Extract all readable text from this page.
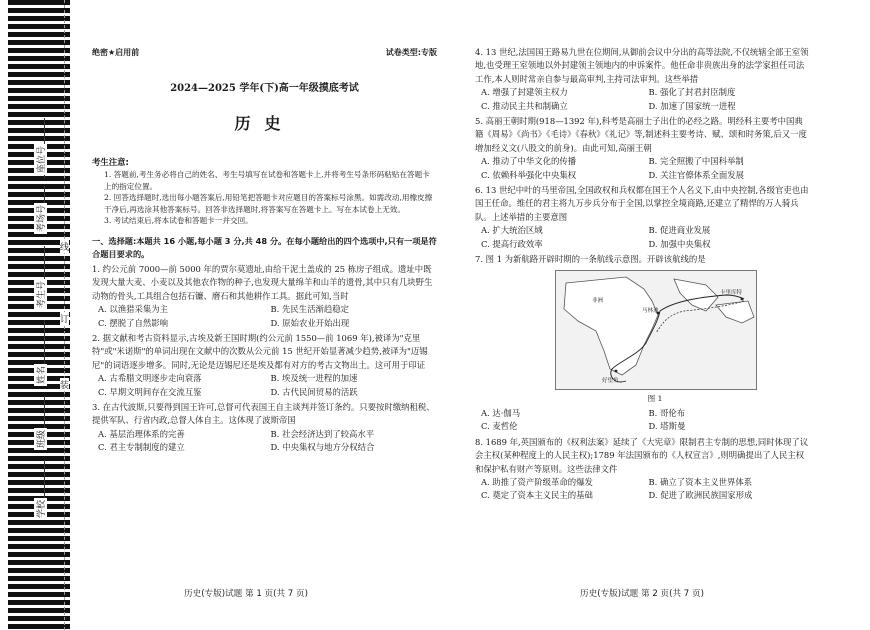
座位号
考场号
考生号
姓名
班级
学校
线
订
装
绝密★启用前	试卷类型:专版
2024—2025 学年(下)高一年级摸底考试
历史
考生注意:
1. 答题前,考生务必将自己的姓名、考生号填写在试卷和答题卡上,并将考生号条形码粘贴在答题卡上的指定位置。
2. 回答选择题时,选出每小题答案后,用铅笔把答题卡对应题目的答案标号涂黑。如需改动,用橡皮擦干净后,再选涂其他答案标号。回答非选择题时,将答案写在答题卡上。写在本试卷上无效。
3. 考试结束后,将本试卷和答题卡一并交回。
一、选择题:本题共 16 小题,每小题 3 分,共 48 分。在每小题给出的四个选项中,只有一项是符合题目要求的。
1. 约公元前 7000—前 5000 年的贾尔莫遗址,由给干泥土盖成的 25 栋房子组成。遗址中既发现大量大麦、小麦以及其他农作物的种子,也发现大量绵羊和山羊的遗骨,其中只有几块野生动物的骨头,工具组合包括石镰、磨石和其他耕作工具。据此可知,当时
A. 以渔猎采集为主	B. 先民生活渐趋稳定
C. 摆脱了自然影响	D. 原始农业开始出现
2. 据文献和考古资料显示,古埃及新王国时期(约公元前 1550—前 1069 年),被译为"克里特"或"米诺斯"的单词出现在文献中的次数从公元前 15 世纪开始显著减少趋势,被译为"迈锡尼"的词语逐步增多。同时,无论是迈锡尼还是埃及都有对方的考古文物出土。这可用于印证
A. 古希腊文明逐步走向衰落	B. 埃及统一进程的加速
C. 早期文明间存在交流互鉴	D. 古代民间贸易的活跃
3. 在古代波斯,只要得到国王许可,总督可代表国王自主谈判并签订条约。只要按时缴纳租税、提供军队、行省内政,总督人体自主。这体现了波斯帝国
A. 基层治理体系的完善	B. 社会经济达到了较高水平
C. 君主专制制度的建立	D. 中央集权与地方分权结合
历史(专版)试题 第 1 页(共 7 页)
4. 13 世纪,法国国王路易九世在位期间,从御前会议中分出的高等法院,不仅统辖全部王室领地,也受理王室领地以外封建领主领地内的申诉案件。他任命非贵族出身的法学家担任司法工作,本人则时常亲自参与最高审判,主持司法审判。这些举措
A. 增强了封建领主权力	B. 强化了封君封臣制度
C. 推动民主共和制确立	D. 加速了国家统一进程
5. 高丽王朝时期(918—1392 年),科考是高丽士子出仕的必经之路。明经科主要考中国典籍《周易》《尚书》《毛诗》《春秋》《礼记》等,制述科主要考诗、赋、颂和时务策,后又一度增加经义文(八股文的前身)。由此可知,高丽王朝
A. 推动了中华文化的传播	B. 完全照搬了中国科举制
C. 依赖科举强化中央集权	D. 关注官僚体系全面发展
6. 13 世纪中叶的马里帝国,全国政权和兵权都在国王个人名义下,由中央控制,各级官吏也由国王任命。维任的君主将九万步兵分布于全国,以掌控全境商路,还建立了精悍的万人骑兵队。上述举措的主要意图
A. 扩大统治区域	B. 促进商业发展
C. 提高行政效率	D. 加强中央集权
7. 图 1 为新航路开辟时期的一条航线示意图。开辟该航线的是
非洲
马林迪
卡里库特
好望角
图 1
A. 达·伽马	B. 哥伦布
C. 麦哲伦	D. 塔斯曼
8. 1689 年,英国颁布的《权利法案》延续了《大宪章》限制君主专制的思想,同时体现了议会主权(某种程度上的人民主权);1789 年法国颁布的《人权宣言》,则明确提出了人民主权和保护私有财产等原则。这些法律文件
A. 助推了资产阶级革命的爆发	B. 确立了资本主义世界体系
C. 奠定了资本主义民主的基础	D. 促进了欧洲民族国家形成
历史(专版)试题 第 2 页(共 7 页)
